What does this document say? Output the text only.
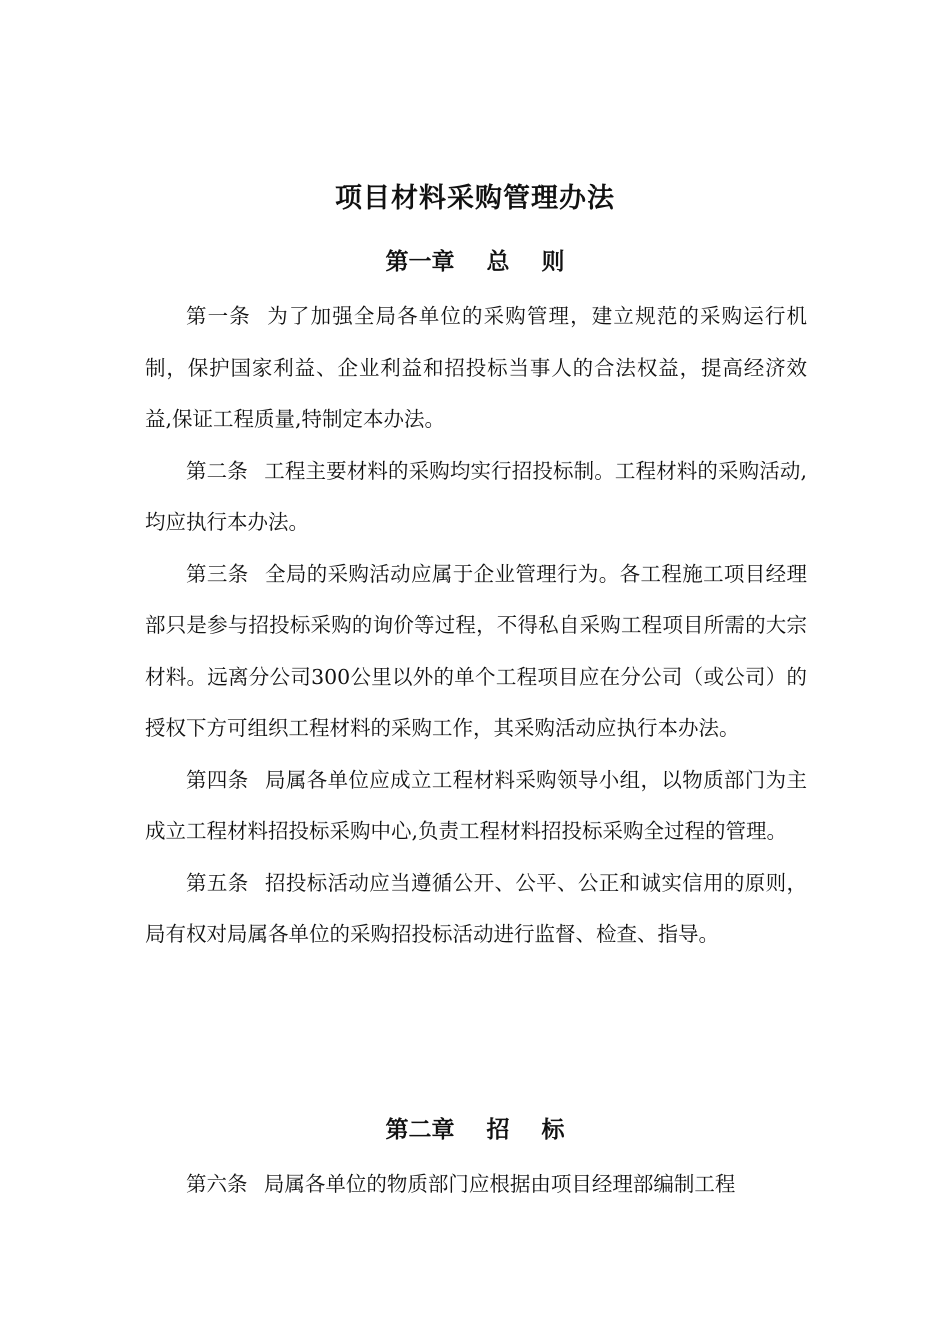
项目材料采购管理办法
第一章    总    则

第一条 为了加强全局各单位的采购管理，建立规范的采购运行机制，保护国家利益、企业利益和招投标当事人的合法权益，提高经济效益,保证工程质量,特制定本办法。

第二条 工程主要材料的采购均实行招投标制。工程材料的采购活动,均应执行本办法。

第三条 全局的采购活动应属于企业管理行为。各工程施工项目经理部只是参与招投标采购的询价等过程，不得私自采购工程项目所需的大宗材料。远离分公司300公里以外的单个工程项目应在分公司（或公司）的授权下方可组织工程材料的采购工作，其采购活动应执行本办法。

第四条 局属各单位应成立工程材料采购领导小组，以物质部门为主成立工程材料招投标采购中心,负责工程材料招投标采购全过程的管理。

第五条 招投标活动应当遵循公开、公平、公正和诚实信用的原则，局有权对局属各单位的采购招投标活动进行监督、检查、指导。

第二章    招    标

第六条 局属各单位的物质部门应根据由项目经理部编制工程
